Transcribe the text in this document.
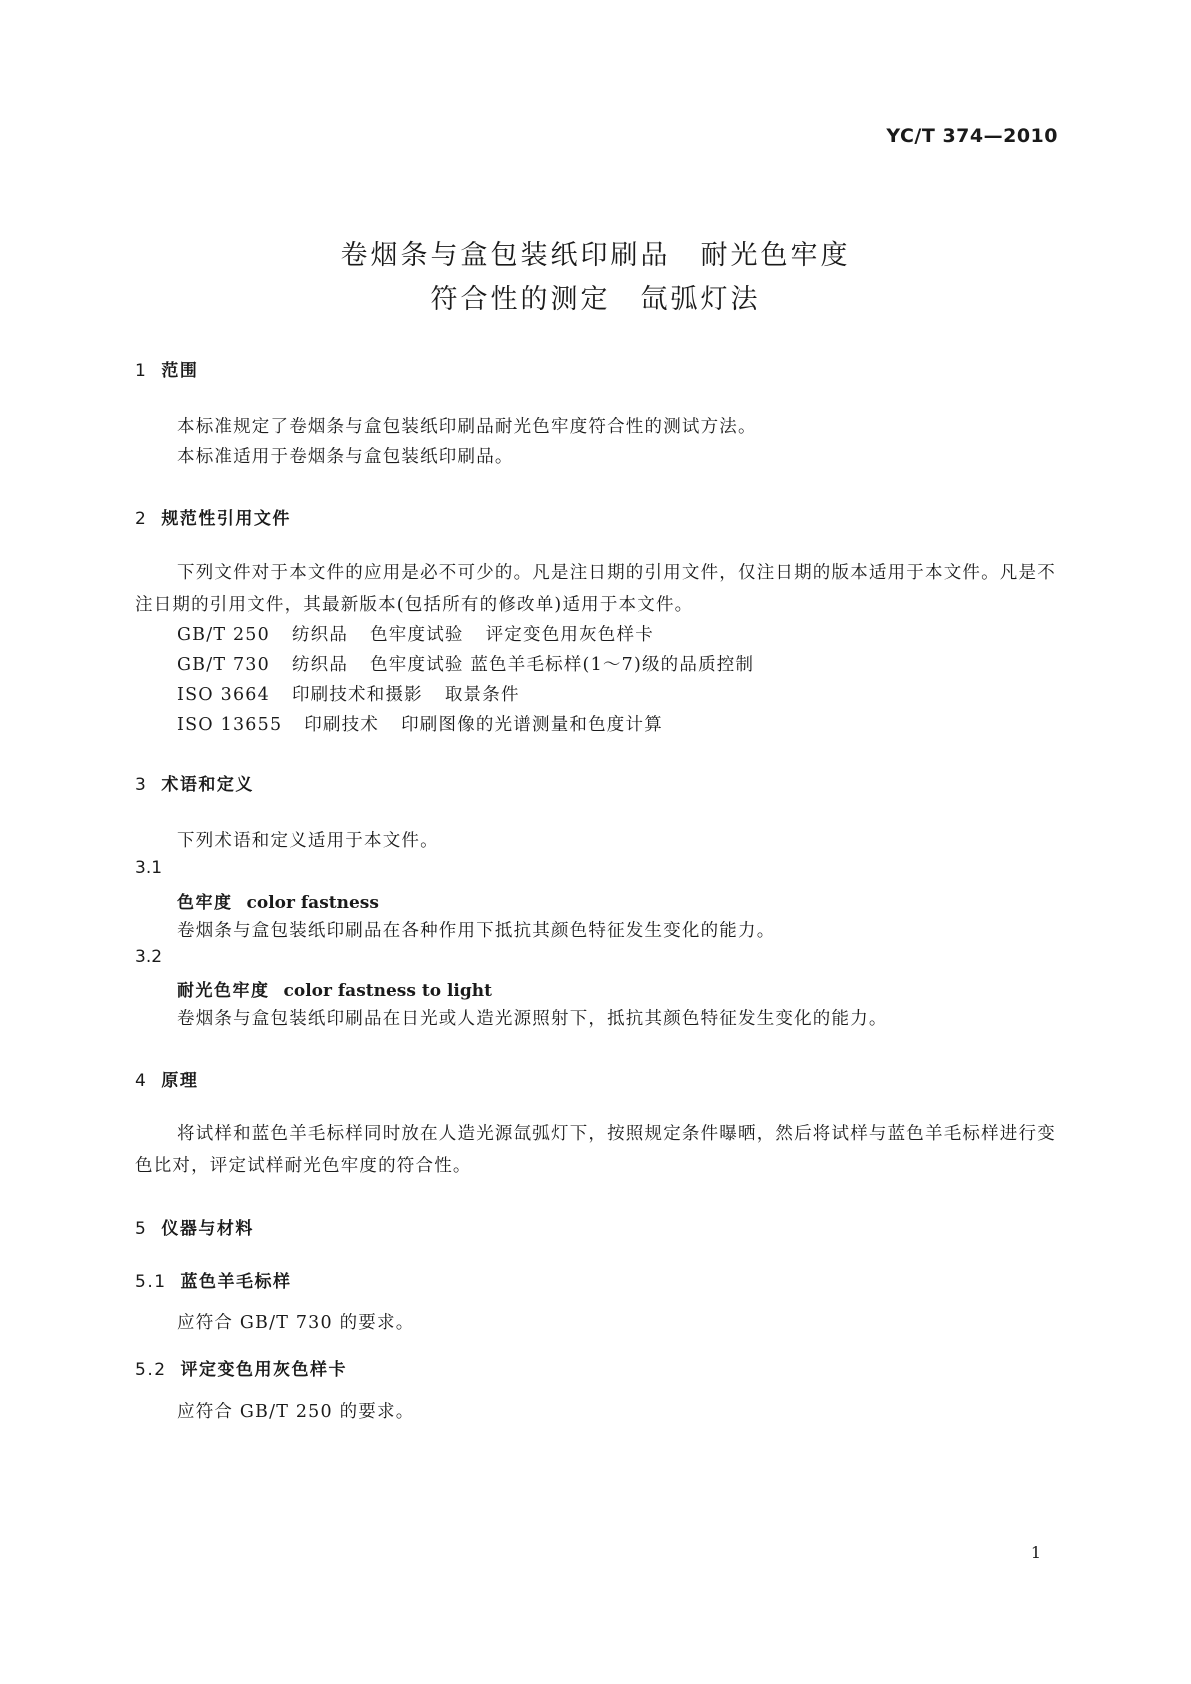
YC/T 374—2010
卷烟条与盒包装纸印刷品　耐光色牢度
符合性的测定　氙弧灯法
1 范围
本标准规定了卷烟条与盒包装纸印刷品耐光色牢度符合性的测试方法。
本标准适用于卷烟条与盒包装纸印刷品。
2 规范性引用文件
下列文件对于本文件的应用是必不可少的。凡是注日期的引用文件，仅注日期的版本适用于本文件。凡是不注日期的引用文件，其最新版本(包括所有的修改单)适用于本文件。
GB/T 250 纺织品 色牢度试验 评定变色用灰色样卡
GB/T 730 纺织品 色牢度试验 蓝色羊毛标样(1～7)级的品质控制
ISO 3664 印刷技术和摄影 取景条件
ISO 13655 印刷技术 印刷图像的光谱测量和色度计算
3 术语和定义
下列术语和定义适用于本文件。
3.1
色牢度 color fastness
卷烟条与盒包装纸印刷品在各种作用下抵抗其颜色特征发生变化的能力。
3.2
耐光色牢度 color fastness to light
卷烟条与盒包装纸印刷品在日光或人造光源照射下，抵抗其颜色特征发生变化的能力。
4 原理
将试样和蓝色羊毛标样同时放在人造光源氙弧灯下，按照规定条件曝晒，然后将试样与蓝色羊毛标样进行变色比对，评定试样耐光色牢度的符合性。
5 仪器与材料
5.1 蓝色羊毛标样
应符合 GB/T 730 的要求。
5.2 评定变色用灰色样卡
应符合 GB/T 250 的要求。
1
